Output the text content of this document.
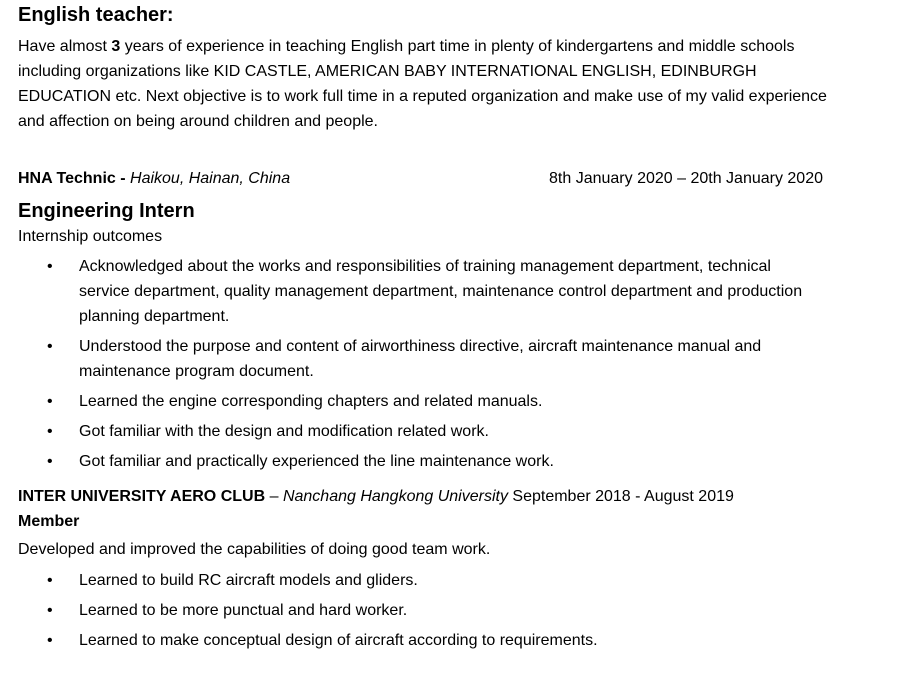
English teacher:
Have almost 3 years of experience in teaching English part time in plenty of kindergartens and middle schools including organizations like KID CASTLE, AMERICAN BABY INTERNATIONAL ENGLISH, EDINBURGH EDUCATION etc. Next objective is to work full time in a reputed organization and make use of my valid experience and affection on being around children and people.
HNA Technic - Haikou, Hainan, China	8th January 2020 – 20th January 2020
Engineering Intern
Internship outcomes
• Acknowledged about the works and responsibilities of training management department, technical service department, quality management department, maintenance control department and production planning department.
• Understood the purpose and content of airworthiness directive, aircraft maintenance manual and maintenance program document.
• Learned the engine corresponding chapters and related manuals.
• Got familiar with the design and modification related work.
• Got familiar and practically experienced the line maintenance work.
INTER UNIVERSITY AERO CLUB – Nanchang Hangkong University September 2018 - August 2019
Member
Developed and improved the capabilities of doing good team work.
• Learned to build RC aircraft models and gliders.
• Learned to be more punctual and hard worker.
• Learned to make conceptual design of aircraft according to requirements.
